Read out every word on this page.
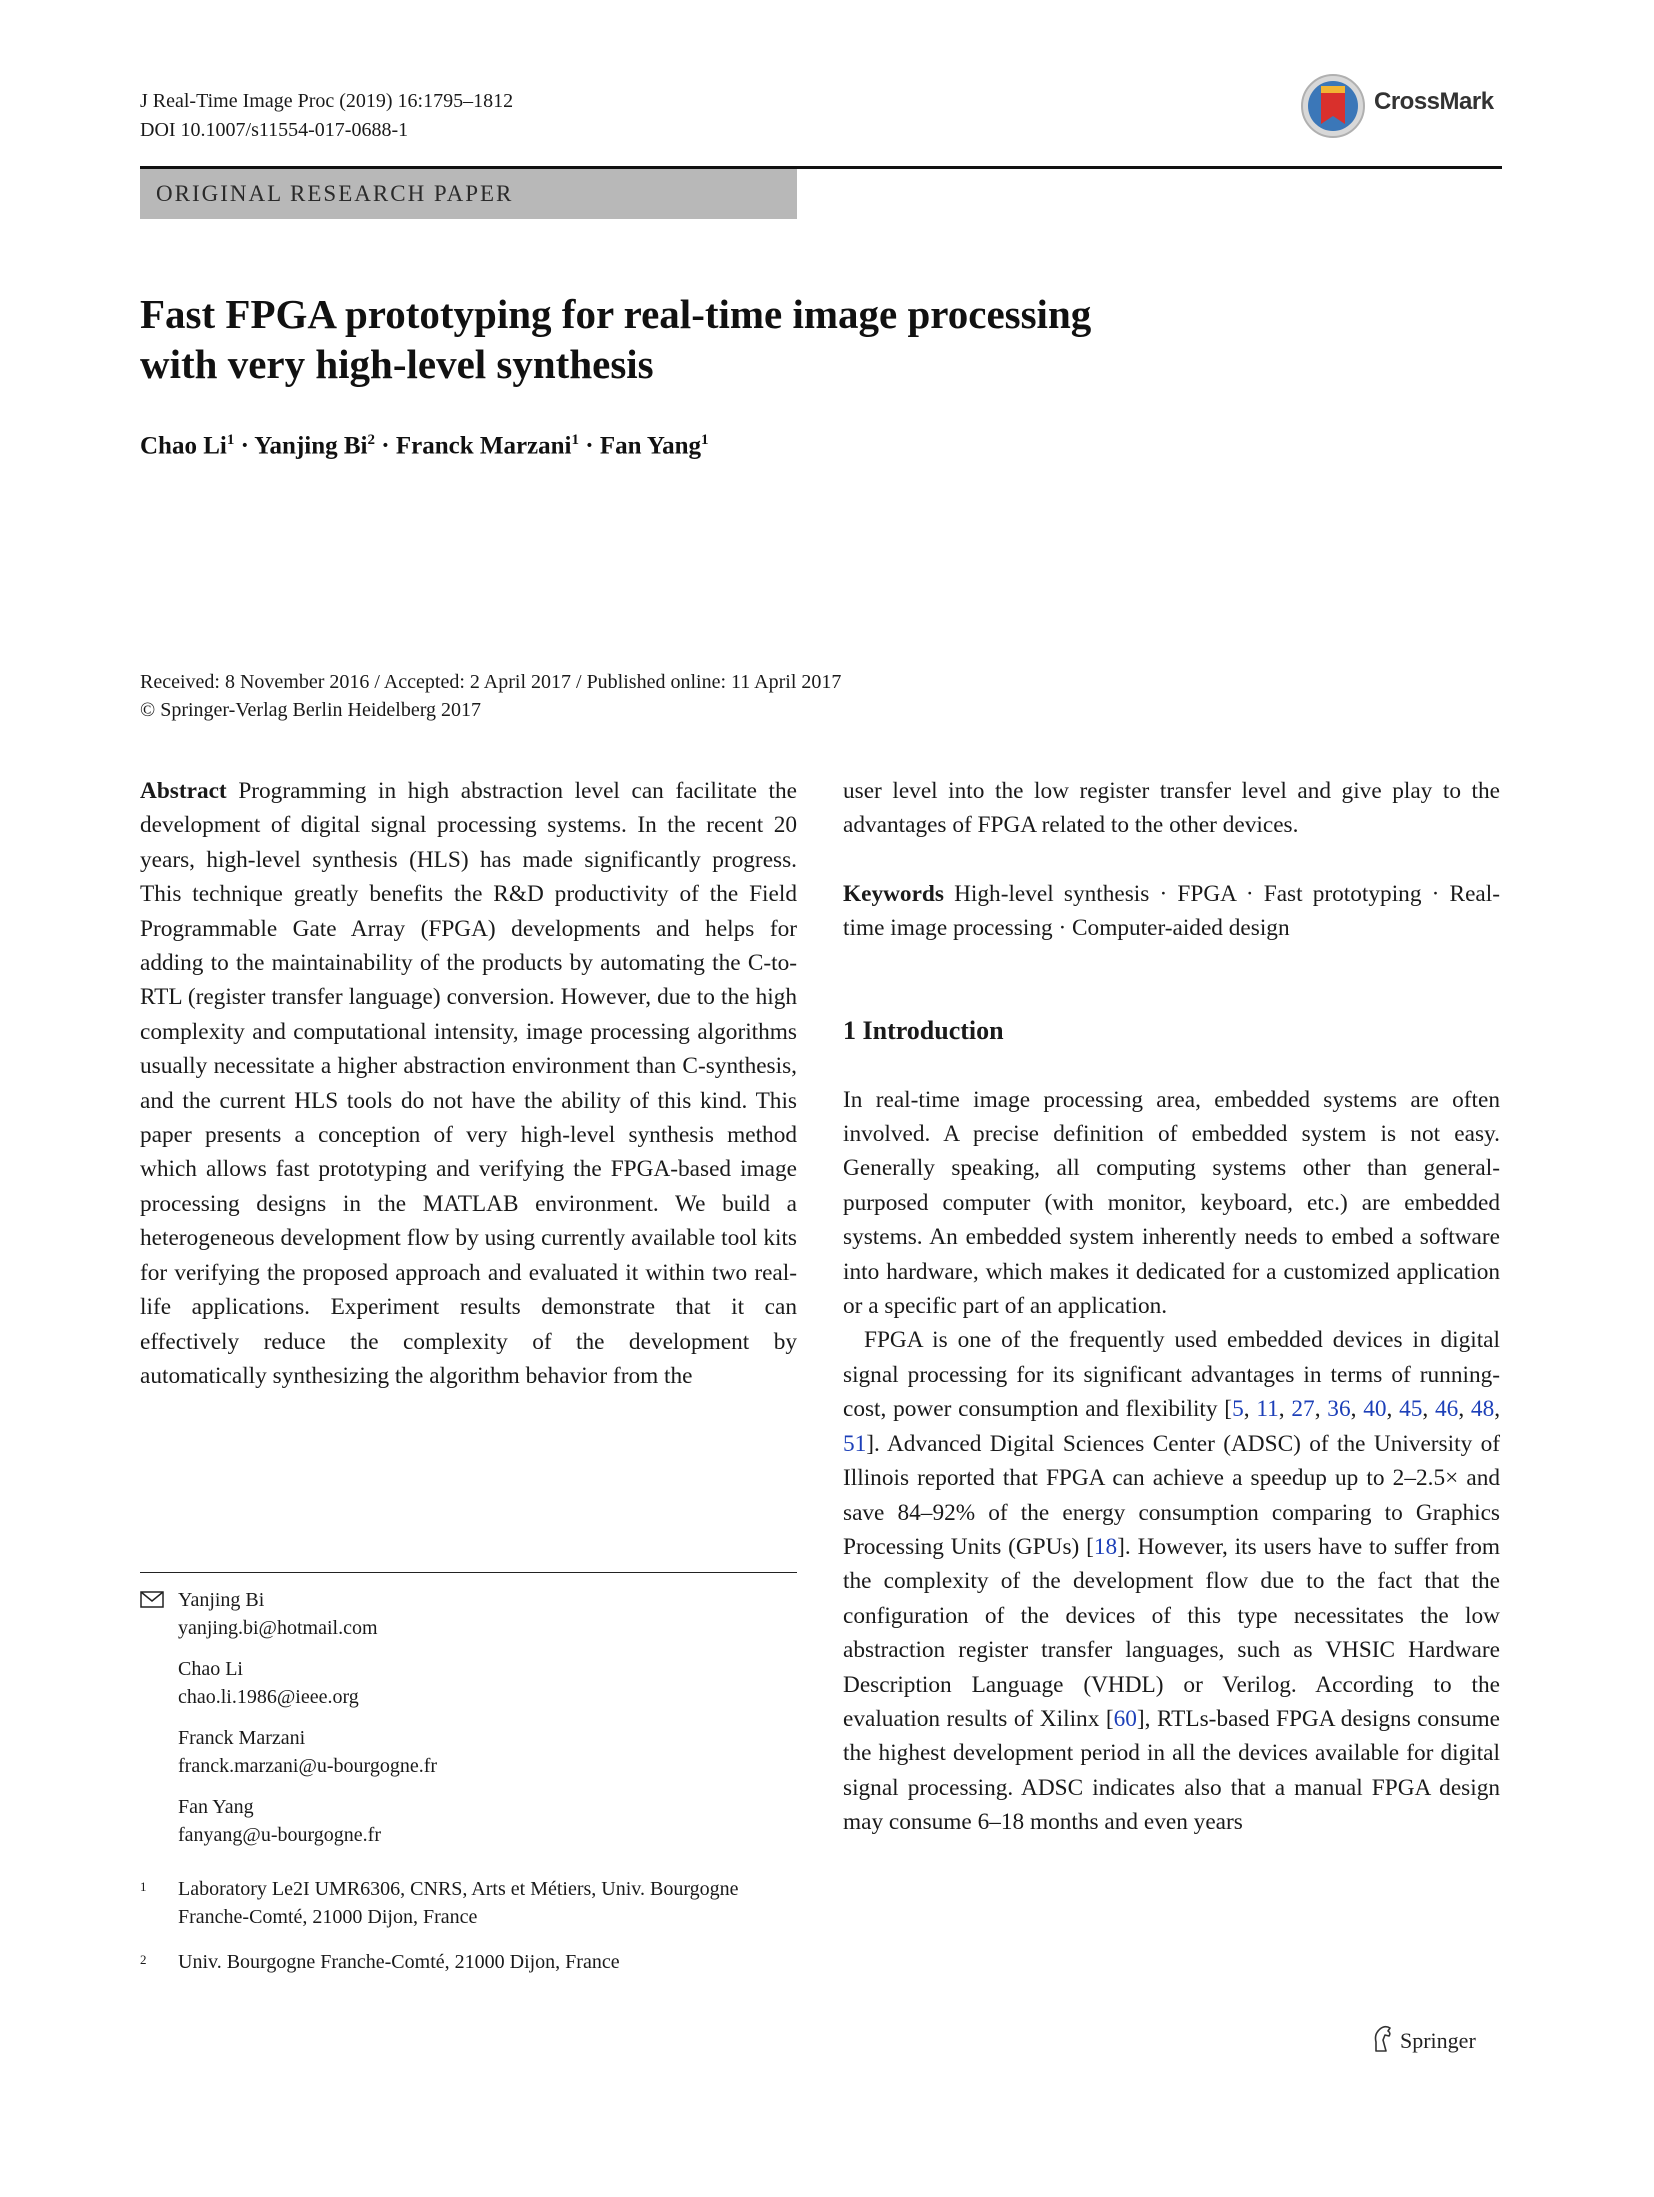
J Real-Time Image Proc (2019) 16:1795–1812
DOI 10.1007/s11554-017-0688-1
CrossMark
ORIGINAL RESEARCH PAPER
Fast FPGA prototyping for real-time image processing
with very high-level synthesis
Chao $Li^1$ · Yanjing $Bi^2$ · Franck Marzani$^1$ · Fan Yang$^1$
Received: 8 November 2016 / Accepted: 2 April 2017 / Published online: 11 April 2017
© Springer-Verlag Berlin Heidelberg 2017

Abstract Programming in high abstraction level can facilitate the development of digital signal processing systems. In the recent 20 years, high-level synthesis (HLS) has made significantly progress. This technique greatly benefits the R&D productivity of the Field Programmable Gate Array (FPGA) developments and helps for adding to the maintainability of the products by automating the C-to-RTL (register transfer language) conversion. However, due to the high complexity and computational intensity, image processing algorithms usually necessitate a higher abstraction environment than C-synthesis, and the current HLS tools do not have the ability of this kind. This paper presents a conception of very high-level synthesis method which allows fast prototyping and verifying the FPGA-based image processing designs in the MATLAB environment. We build a heterogeneous development flow by using currently available tool kits for verifying the proposed approach and evaluated it within two real-life applications. Experiment results demonstrate that it can effectively reduce the complexity of the development by automatically synthesizing the algorithm behavior from the

Yanjing Bi
yanjing.bi@hotmail.com
Chao Li
chao.li.1986@ieee.org
Franck Marzani
franck.marzani@u-bourgogne.fr
Fan Yang
fanyang@u-bourgogne.fr
1 Laboratory Le2I UMR6306, CNRS, Arts et Métiers, Univ. Bourgogne Franche-Comté, 21000 Dijon, France
2 Univ. Bourgogne Franche-Comté, 21000 Dijon, France

user level into the low register transfer level and give play to the advantages of FPGA related to the other devices.

Keywords High-level synthesis · FPGA · Fast prototyping · Real-time image processing · Computer-aided design

1 Introduction

In real-time image processing area, embedded systems are often involved. A precise definition of embedded system is not easy. Generally speaking, all computing systems other than general-purposed computer (with monitor, keyboard, etc.) are embedded systems. An embedded system inherently needs to embed a software into hardware, which makes it dedicated for a customized application or a specific part of an application.

FPGA is one of the frequently used embedded devices in digital signal processing for its significant advantages in terms of running-cost, power consumption and flexibility [5, 11, 27, 36, 40, 45, 46, 48, 51]. Advanced Digital Sciences Center (ADSC) of the University of Illinois reported that FPGA can achieve a speedup up to 2–2.5× and save 84–92% of the energy consumption comparing to Graphics Processing Units (GPUs) [18]. However, its users have to suffer from the complexity of the development flow due to the fact that the configuration of the devices of this type necessitates the low abstraction register transfer languages, such as VHSIC Hardware Description Language (VHDL) or Verilog. According to the evaluation results of Xilinx [60], RTLs-based FPGA designs consume the highest development period in all the devices available for digital signal processing. ADSC indicates also that a manual FPGA design may consume 6–18 months and even years

Springer
